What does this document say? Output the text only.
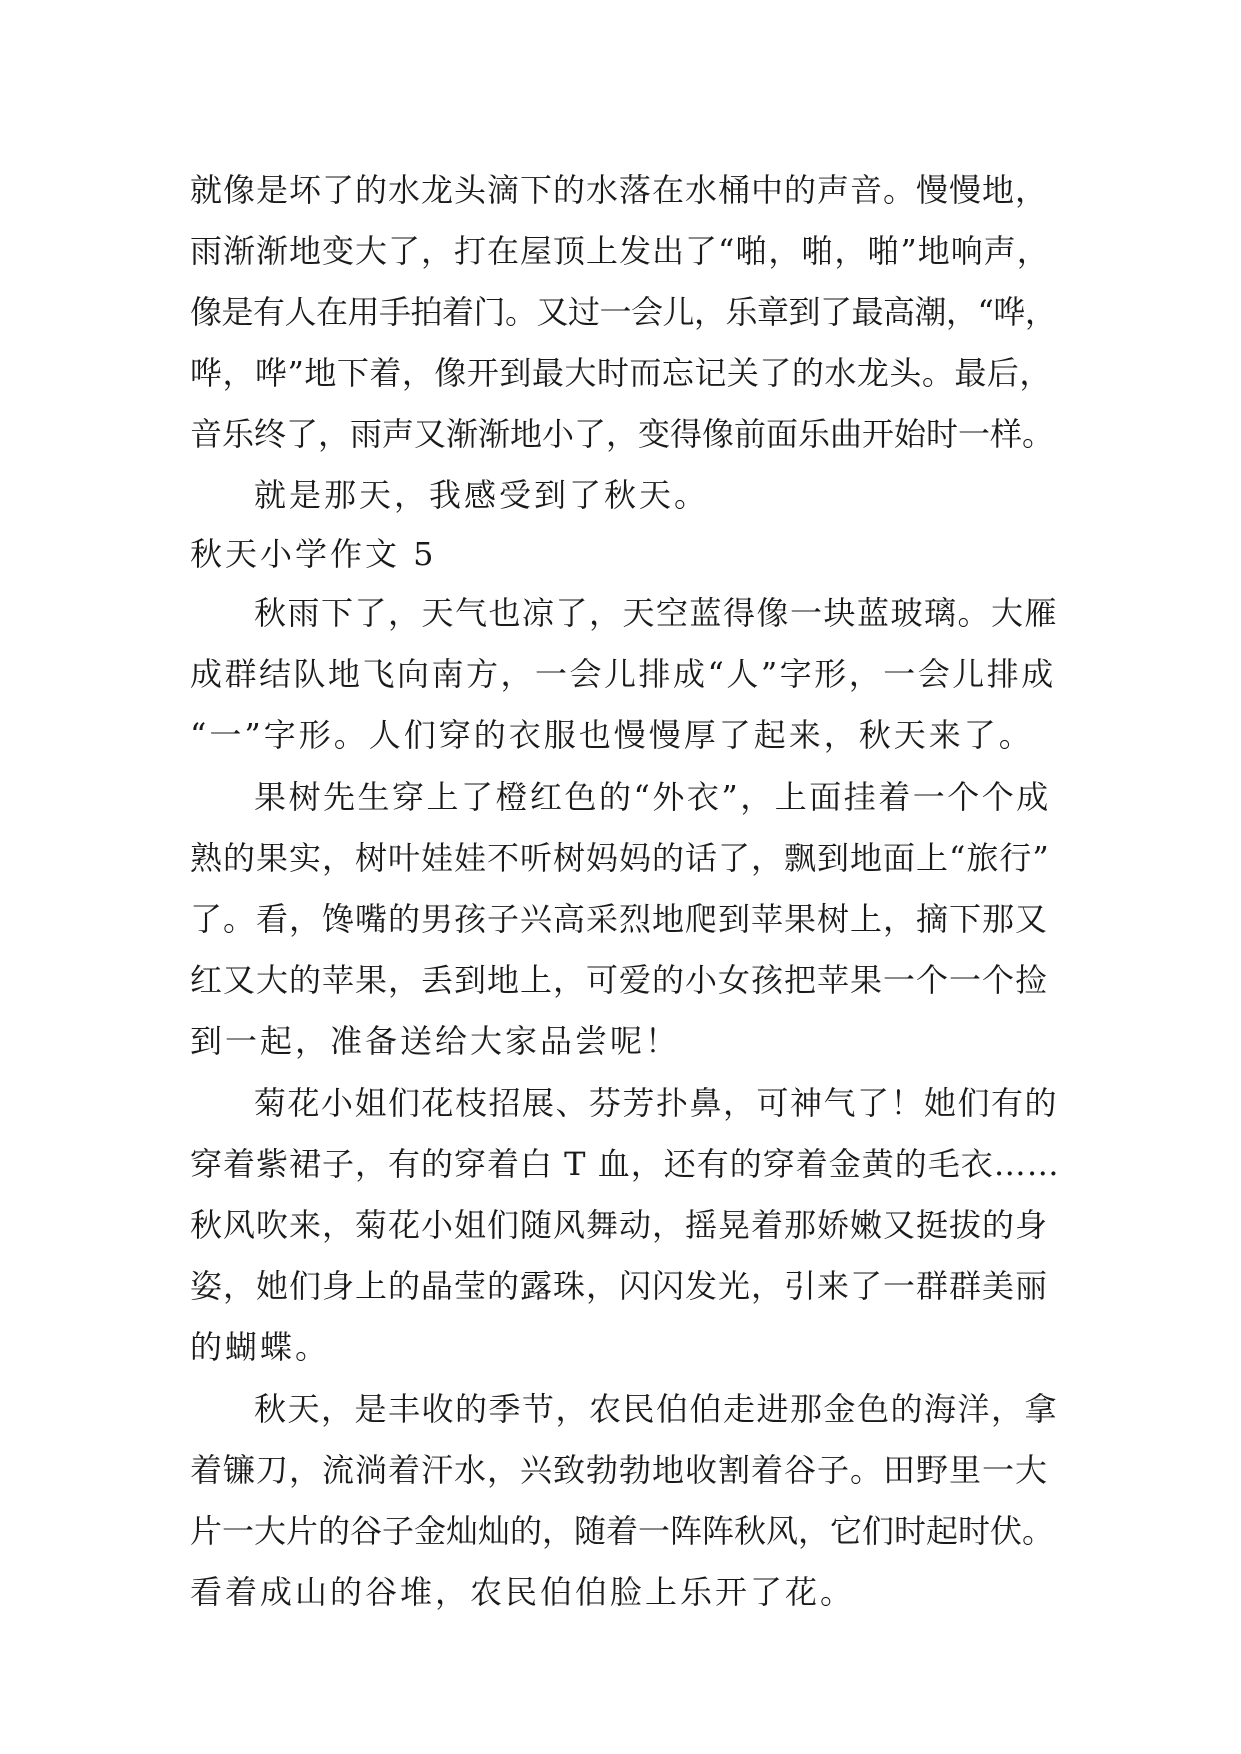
就像是坏了的水龙头滴下的水落在水桶中的声音。慢慢地，
雨渐渐地变大了，打在屋顶上发出了“啪，啪，啪”地响声，
像是有人在用手拍着门。又过一会儿，乐章到了最高潮，“哗，
哗，哗”地下着，像开到最大时而忘记关了的水龙头。最后，
音乐终了，雨声又渐渐地小了，变得像前面乐曲开始时一样。
就是那天，我感受到了秋天。
秋天小学作文 5
秋雨下了，天气也凉了，天空蓝得像一块蓝玻璃。大雁
成群结队地飞向南方，一会儿排成“人”字形，一会儿排成
“一”字形。人们穿的衣服也慢慢厚了起来，秋天来了。
果树先生穿上了橙红色的“外衣”，上面挂着一个个成
熟的果实，树叶娃娃不听树妈妈的话了，飘到地面上“旅行”
了。看，馋嘴的男孩子兴高采烈地爬到苹果树上，摘下那又
红又大的苹果，丢到地上，可爱的小女孩把苹果一个一个捡
到一起，准备送给大家品尝呢！
菊花小姐们花枝招展、芬芳扑鼻，可神气了！她们有的
穿着紫裙子，有的穿着白 T 血，还有的穿着金黄的毛衣……
秋风吹来，菊花小姐们随风舞动，摇晃着那娇嫩又挺拔的身
姿，她们身上的晶莹的露珠，闪闪发光，引来了一群群美丽
的蝴蝶。
秋天，是丰收的季节，农民伯伯走进那金色的海洋，拿
着镰刀，流淌着汗水，兴致勃勃地收割着谷子。田野里一大
片一大片的谷子金灿灿的，随着一阵阵秋风，它们时起时伏。
看着成山的谷堆，农民伯伯脸上乐开了花。
